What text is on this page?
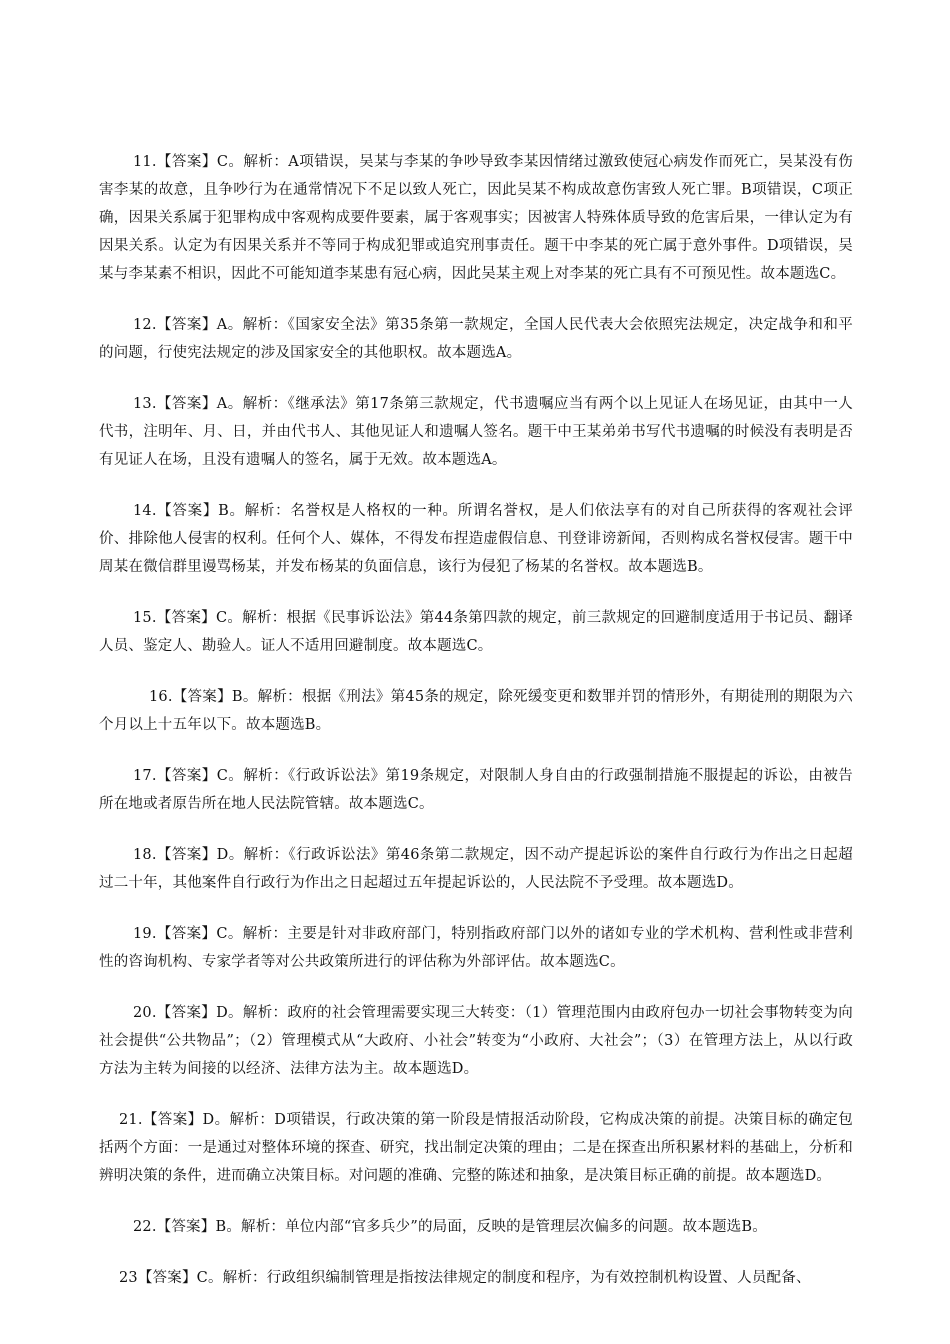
11.【答案】C。解析：A项错误，吴某与李某的争吵导致李某因情绪过激致使冠心病发作而死亡，吴某没有伤害李某的故意，且争吵行为在通常情况下不足以致人死亡，因此吴某不构成故意伤害致人死亡罪。B项错误，C项正确，因果关系属于犯罪构成中客观构成要件要素，属于客观事实；因被害人特殊体质导致的危害后果，一律认定为有因果关系。认定为有因果关系并不等同于构成犯罪或追究刑事责任。题干中李某的死亡属于意外事件。D项错误，吴某与李某素不相识，因此不可能知道李某患有冠心病，因此吴某主观上对李某的死亡具有不可预见性。故本题选C。

12.【答案】A。解析：《国家安全法》第35条第一款规定，全国人民代表大会依照宪法规定，决定战争和和平的问题，行使宪法规定的涉及国家安全的其他职权。故本题选A。

13.【答案】A。解析：《继承法》第17条第三款规定，代书遗嘱应当有两个以上见证人在场见证，由其中一人代书，注明年、月、日，并由代书人、其他见证人和遗嘱人签名。题干中王某弟弟书写代书遗嘱的时候没有表明是否有见证人在场，且没有遗嘱人的签名，属于无效。故本题选A。

14.【答案】B。解析：名誉权是人格权的一种。所谓名誉权，是人们依法享有的对自己所获得的客观社会评价、排除他人侵害的权利。任何个人、媒体，不得发布捏造虚假信息、刊登诽谤新闻，否则构成名誉权侵害。题干中周某在微信群里谩骂杨某，并发布杨某的负面信息，该行为侵犯了杨某的名誉权。故本题选B。

15.【答案】C。解析：根据《民事诉讼法》第44条第四款的规定，前三款规定的回避制度适用于书记员、翻译人员、鉴定人、勘验人。证人不适用回避制度。故本题选C。

16.【答案】B。解析：根据《刑法》第45条的规定，除死缓变更和数罪并罚的情形外，有期徒刑的期限为六个月以上十五年以下。故本题选B。

17.【答案】C。解析：《行政诉讼法》第19条规定，对限制人身自由的行政强制措施不服提起的诉讼，由被告所在地或者原告所在地人民法院管辖。故本题选C。

18.【答案】D。解析：《行政诉讼法》第46条第二款规定，因不动产提起诉讼的案件自行政行为作出之日起超过二十年，其他案件自行政行为作出之日起超过五年提起诉讼的，人民法院不予受理。故本题选D。

19.【答案】C。解析：主要是针对非政府部门，特别指政府部门以外的诸如专业的学术机构、营利性或非营利性的咨询机构、专家学者等对公共政策所进行的评估称为外部评估。故本题选C。

20.【答案】D。解析：政府的社会管理需要实现三大转变：（1）管理范围内由政府包办一切社会事物转变为向社会提供“公共物品”；（2）管理模式从“大政府、小社会”转变为“小政府、大社会”；（3）在管理方法上，从以行政方法为主转为间接的以经济、法律方法为主。故本题选D。

21.【答案】D。解析：D项错误，行政决策的第一阶段是情报活动阶段，它构成决策的前提。决策目标的确定包括两个方面：一是通过对整体环境的探查、研究，找出制定决策的理由；二是在探查出所积累材料的基础上，分析和辨明决策的条件，进而确立决策目标。对问题的准确、完整的陈述和抽象，是决策目标正确的前提。故本题选D。

22.【答案】B。解析：单位内部“官多兵少”的局面，反映的是管理层次偏多的问题。故本题选B。

23【答案】C。解析：行政组织编制管理是指按法律规定的制度和程序，为有效控制机构设置、人员配备、
